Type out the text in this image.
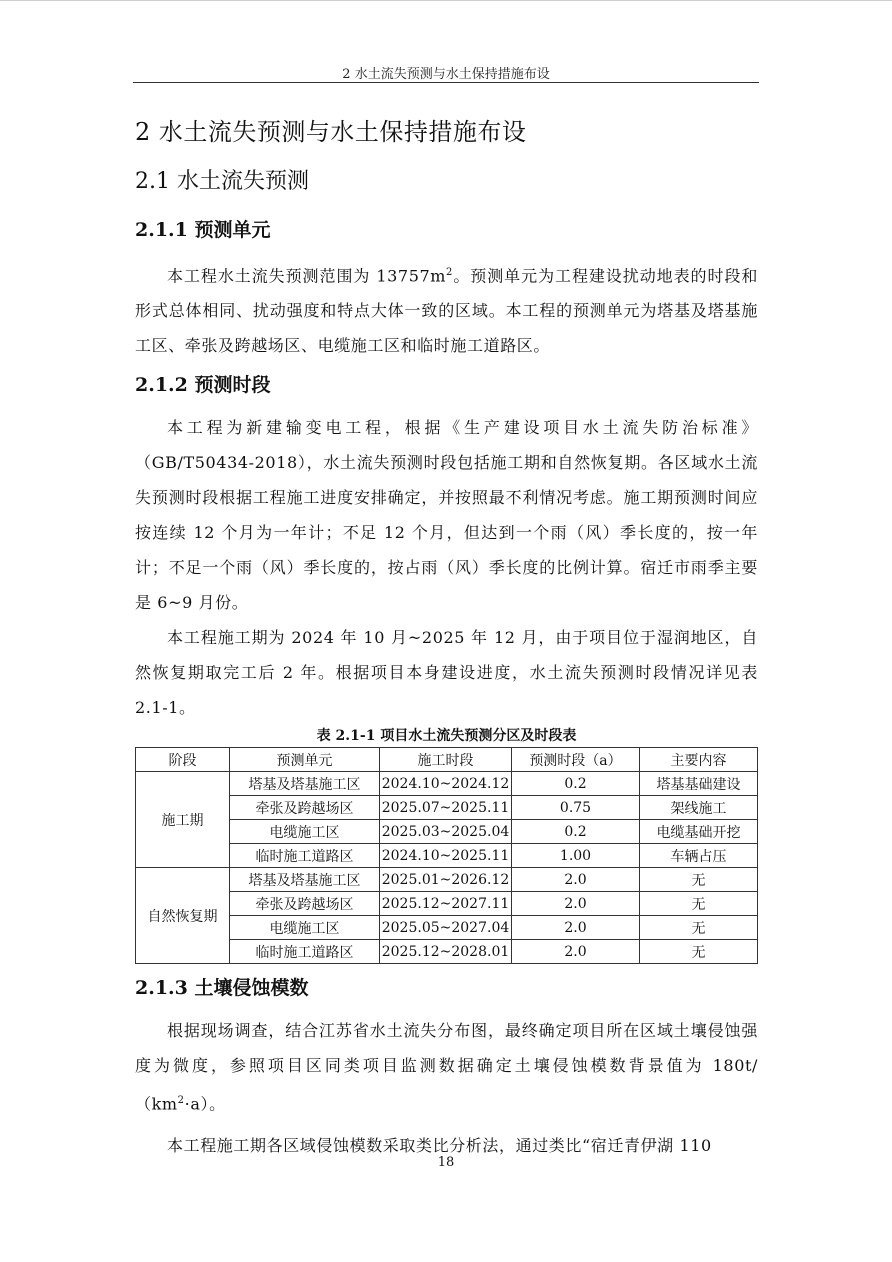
2 水土流失预测与水土保持措施布设
2 水土流失预测与水土保持措施布设
2.1 水土流失预测
2.1.1 预测单元

本工程水土流失预测范围为 $13757m^2$。预测单元为工程建设扰动地表的时段和形式总体相同、扰动强度和特点大体一致的区域。本工程的预测单元为塔基及塔基施工区、牵张及跨越场区、电缆施工区和临时施工道路区。

2.1.2 预测时段

本工程为新建输变电工程，根据《生产建设项目水土流失防治标准》（GB/T50434-2018），水土流失预测时段包括施工期和自然恢复期。各区域水土流失预测时段根据工程施工进度安排确定，并按照最不利情况考虑。施工期预测时间应按连续 12 个月为一年计；不足 12 个月，但达到一个雨（风）季长度的，按一年计；不足一个雨（风）季长度的，按占雨（风）季长度的比例计算。宿迁市雨季主要是 6~9 月份。

本工程施工期为 2024 年 10 月~2025 年 12 月，由于项目位于湿润地区，自然恢复期取完工后 2 年。根据项目本身建设进度，水土流失预测时段情况详见表 2.1-1。

表 2.1-1 项目水土流失预测分区及时段表
阶段	预测单元	施工时段	预测时段（a）	主要内容
施工期	塔基及塔基施工区	2024.10~2024.12	0.2	塔基基础建设
	牵张及跨越场区	2025.07~2025.11	0.75	架线施工
	电缆施工区	2025.03~2025.04	0.2	电缆基础开挖
	临时施工道路区	2024.10~2025.11	1.00	车辆占压
自然恢复期	塔基及塔基施工区	2025.01~2026.12	2.0	无
	牵张及跨越场区	2025.12~2027.11	2.0	无
	电缆施工区	2025.05~2027.04	2.0	无
	临时施工道路区	2025.12~2028.01	2.0	无
2.1.3 土壤侵蚀模数

根据现场调查，结合江苏省水土流失分布图，最终确定项目所在区域土壤侵蚀强度为微度，参照项目区同类项目监测数据确定土壤侵蚀模数背景值为 $180t/(km^2\cdot a)$。

本工程施工期各区域侵蚀模数采取类比分析法，通过类比“宿迁青伊湖 110

18
